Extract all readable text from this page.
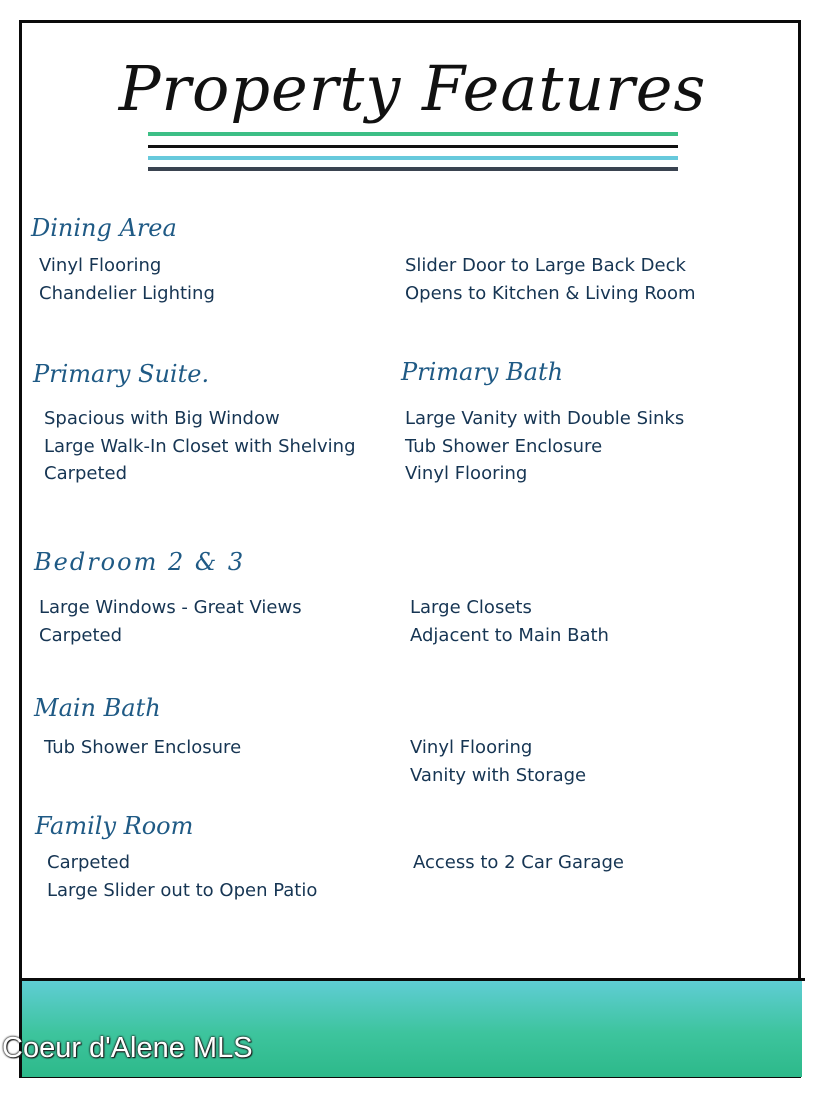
Property Features
Dining Area
Vinyl Flooring
Chandelier Lighting
Slider Door to Large Back Deck
Opens to Kitchen & Living Room
Primary Suite.
Spacious with Big Window
Large Walk-In Closet with Shelving
Carpeted
Primary Bath
Large Vanity with Double Sinks
Tub Shower Enclosure
Vinyl Flooring
Bedroom 2 & 3
Large Windows - Great Views
Carpeted
Large Closets
Adjacent to Main Bath
Main Bath
Tub Shower Enclosure	Vinyl Flooring
Vanity with Storage
Family Room
Carpeted
Large Slider out to Open Patio
Access to 2 Car Garage
Coeur d'Alene MLS
